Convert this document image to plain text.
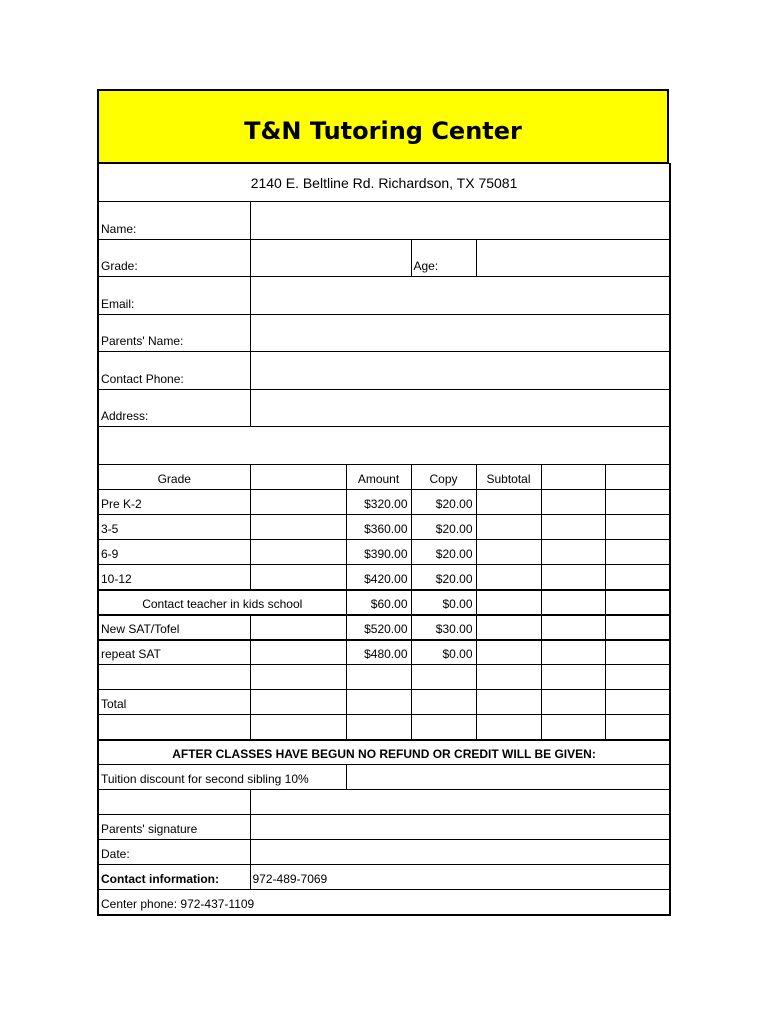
T&N Tutoring Center
2140 E. Beltline Rd. Richardson, TX 75081						
Name:						
Grade:			Age:			
Email:						
Parents' Name:						
Contact Phone:						
Address:						

Grade		Amount	Copy	Subtotal		
Pre K-2		$320.00	$20.00			
3-5		$360.00	$20.00			
6-9		$390.00	$20.00			
10-12		$420.00	$20.00			
Contact teacher in kids school		$60.00	$0.00			
New SAT/Tofel		$520.00	$30.00			
repeat SAT		$480.00	$0.00			

Total						

AFTER CLASSES HAVE BEGUN NO REFUND OR CREDIT WILL BE GIVEN:						
Tuition discount for second sibling 10%						

Parents' signature						
Date:						
Contact information:	972-489-7069					
Center phone: 972-437-1109						
